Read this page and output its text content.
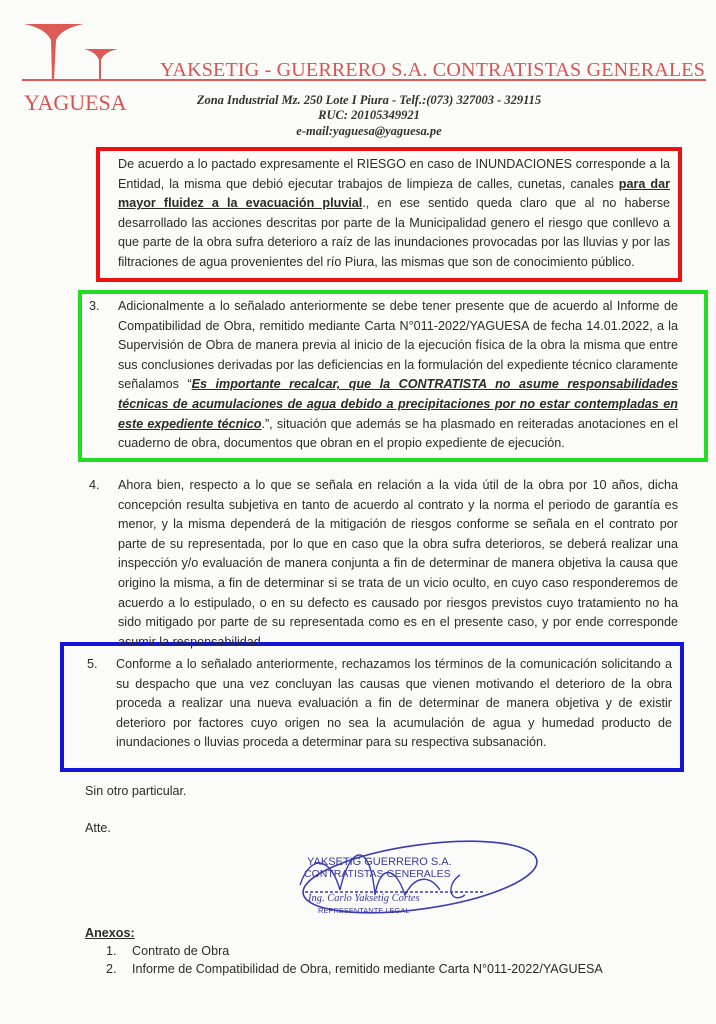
YAKSETIG - GUERRERO S.A. CONTRATISTAS GENERALES
YAGUESA	Zona Industrial Mz. 250 Lote I Piura - Telf.:(073) 327003 - 329115
RUC: 20105349921
e-mail:yaguesa@yaguesa.pe
De acuerdo a lo pactado expresamente el RIESGO en caso de INUNDACIONES corresponde a la Entidad, la misma que debió ejecutar trabajos de limpieza de calles, cunetas, canales para dar mayor fluidez a la evacuación pluvial., en ese sentido queda claro que al no haberse desarrollado las acciones descritas por parte de la Municipalidad genero el riesgo que conllevo a que parte de la obra sufra deterioro a raíz de las inundaciones provocadas por las lluvias y por las filtraciones de agua provenientes del río Piura, las mismas que son de conocimiento público.
3. Adicionalmente a lo señalado anteriormente se debe tener presente que de acuerdo al Informe de Compatibilidad de Obra, remitido mediante Carta N°011-2022/YAGUESA de fecha 14.01.2022, a la Supervisión de Obra de manera previa al inicio de la ejecución física de la obra la misma que entre sus conclusiones derivadas por las deficiencias en la formulación del expediente técnico claramente señalamos “Es importante recalcar, que la CONTRATISTA no asume responsabilidades técnicas de acumulaciones de agua debido a precipitaciones por no estar contempladas en este expediente técnico.”, situación que además se ha plasmado en reiteradas anotaciones en el cuaderno de obra, documentos que obran en el propio expediente de ejecución.
4. Ahora bien, respecto a lo que se señala en relación a la vida útil de la obra por 10 años, dicha concepción resulta subjetiva en tanto de acuerdo al contrato y la norma el periodo de garantía es menor, y la misma dependerá de la mitigación de riesgos conforme se señala en el contrato por parte de su representada, por lo que en caso que la obra sufra deterioros, se deberá realizar una inspección y/o evaluación de manera conjunta a fin de determinar de manera objetiva la causa que origino la misma, a fin de determinar si se trata de un vicio oculto, en cuyo caso responderemos de acuerdo a lo estipulado, o en su defecto es causado por riesgos previstos cuyo tratamiento no ha sido mitigado por parte de su representada como es en el presente caso, y por ende corresponde asumir la responsabilidad.
5. Conforme a lo señalado anteriormente, rechazamos los términos de la comunicación solicitando a su despacho que una vez concluyan las causas que vienen motivando el deterioro de la obra proceda a realizar una nueva evaluación a fin de determinar de manera objetiva y de existir deterioro por factores cuyo origen no sea la acumulación de agua y humedad producto de inundaciones o lluvias proceda a determinar para su respectiva subsanación.
Sin otro particular.
Atte.
YAKSETIG GUERRERO S.A.
CONTRATISTAS GENERALES
Ing. Carlo Yaksetig Cortes
REPRESENTANTE LEGAL
Anexos:
1. Contrato de Obra
2. Informe de Compatibilidad de Obra, remitido mediante Carta N°011-2022/YAGUESA
